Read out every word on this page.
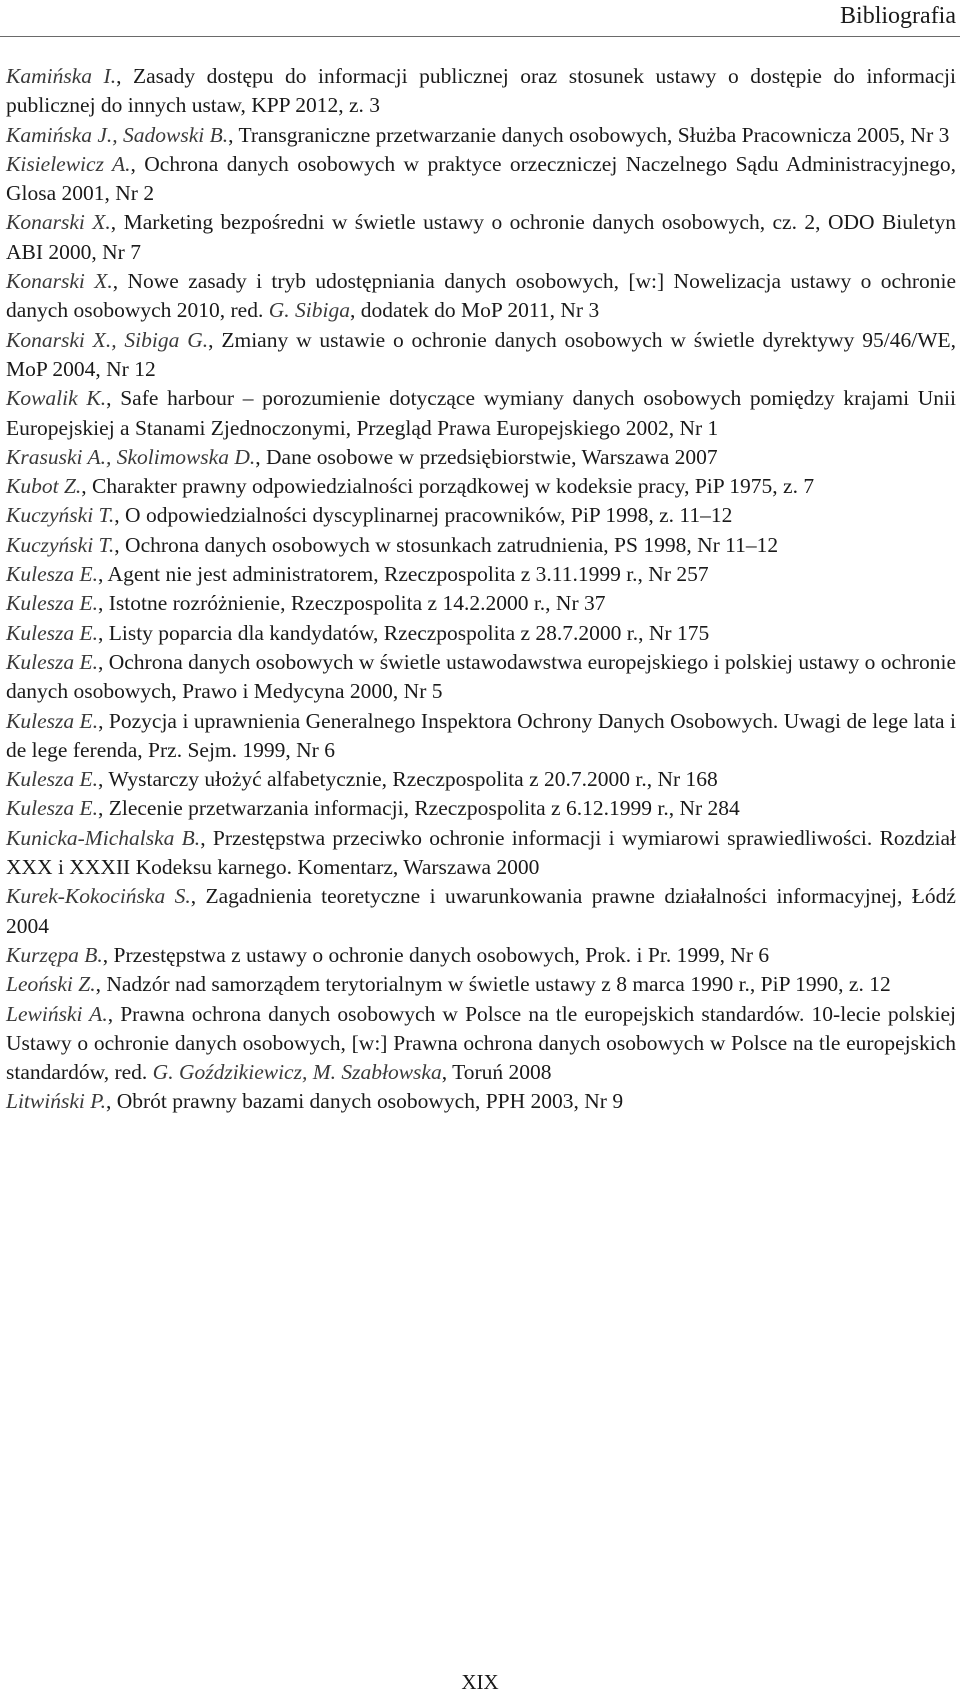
Bibliografia

Kamińska I., Zasady dostępu do informacji publicznej oraz stosunek ustawy o dostępie do informacji publicznej do innych ustaw, KPP 2012, z. 3

Kamińska J., Sadowski B., Transgraniczne przetwarzanie danych osobowych, Służba Pracownicza 2005, Nr 3

Kisielewicz A., Ochrona danych osobowych w praktyce orzeczniczej Naczelnego Sądu Administracyjnego, Glosa 2001, Nr 2

Konarski X., Marketing bezpośredni w świetle ustawy o ochronie danych osobowych, cz. 2, ODO Biuletyn ABI 2000, Nr 7

Konarski X., Nowe zasady i tryb udostępniania danych osobowych, [w:] Nowelizacja ustawy o ochronie danych osobowych 2010, red. G. Sibiga, dodatek do MoP 2011, Nr 3

Konarski X., Sibiga G., Zmiany w ustawie o ochronie danych osobowych w świetle dyrektywy 95/46/WE, MoP 2004, Nr 12

Kowalik K., Safe harbour – porozumienie dotyczące wymiany danych osobowych pomiędzy krajami Unii Europejskiej a Stanami Zjednoczonymi, Przegląd Prawa Europejskiego 2002, Nr 1

Krasuski A., Skolimowska D., Dane osobowe w przedsiębiorstwie, Warszawa 2007

Kubot Z., Charakter prawny odpowiedzialności porządkowej w kodeksie pracy, PiP 1975, z. 7

Kuczyński T., O odpowiedzialności dyscyplinarnej pracowników, PiP 1998, z. 11–12

Kuczyński T., Ochrona danych osobowych w stosunkach zatrudnienia, PS 1998, Nr 11–12

Kulesza E., Agent nie jest administratorem, Rzeczpospolita z 3.11.1999 r., Nr 257

Kulesza E., Istotne rozróżnienie, Rzeczpospolita z 14.2.2000 r., Nr 37

Kulesza E., Listy poparcia dla kandydatów, Rzeczpospolita z 28.7.2000 r., Nr 175

Kulesza E., Ochrona danych osobowych w świetle ustawodawstwa europejskiego i polskiej ustawy o ochronie danych osobowych, Prawo i Medycyna 2000, Nr 5

Kulesza E., Pozycja i uprawnienia Generalnego Inspektora Ochrony Danych Osobowych. Uwagi de lege lata i de lege ferenda, Prz. Sejm. 1999, Nr 6

Kulesza E., Wystarczy ułożyć alfabetycznie, Rzeczpospolita z 20.7.2000 r., Nr 168

Kulesza E., Zlecenie przetwarzania informacji, Rzeczpospolita z 6.12.1999 r., Nr 284

Kunicka-Michalska B., Przestępstwa przeciwko ochronie informacji i wymiarowi sprawiedliwości. Rozdział XXX i XXXII Kodeksu karnego. Komentarz, Warszawa 2000

Kurek-Kokocińska S., Zagadnienia teoretyczne i uwarunkowania prawne działalności informacyjnej, Łódź 2004

Kurzępa B., Przestępstwa z ustawy o ochronie danych osobowych, Prok. i Pr. 1999, Nr 6

Leoński Z., Nadzór nad samorządem terytorialnym w świetle ustawy z 8 marca 1990 r., PiP 1990, z. 12

Lewiński A., Prawna ochrona danych osobowych w Polsce na tle europejskich standardów. 10-lecie polskiej Ustawy o ochronie danych osobowych, [w:] Prawna ochrona danych osobowych w Polsce na tle europejskich standardów, red. G. Goździkiewicz, M. Szabłowska, Toruń 2008

Litwiński P., Obrót prawny bazami danych osobowych, PPH 2003, Nr 9

XIX
